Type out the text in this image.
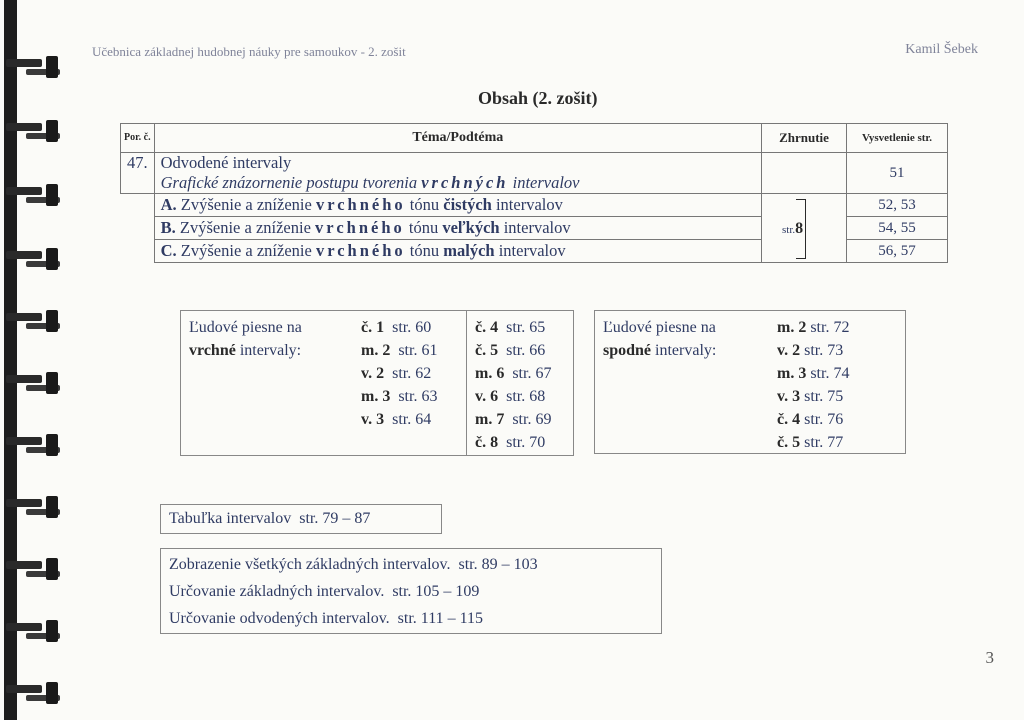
Učebnica základnej hudobnej náuky pre samoukov - 2. zošit	Kamil Šebek
Obsah (2. zošit)
Por. č.	Téma/Podtéma	Zhrnutie	Vysvetlenie str.
47.	Odvodené intervaly
Grafické znázornenie postupu tvorenia vrchných intervalov		51
	A. Zvýšenie a zníženie vrchného tónu čistých intervalov	str.8	52, 53
	B. Zvýšenie a zníženie vrchného tónu veľkých intervalov		54, 55
	C. Zvýšenie a zníženie vrchného tónu malých intervalov		56, 57
Ľudové piesne na
vrchné intervaly:
č. 1 str. 60
m. 2 str. 61
v. 2 str. 62
m. 3 str. 63
v. 3 str. 64
č. 4 str. 65
č. 5 str. 66
m. 6 str. 67
v. 6 str. 68
m. 7 str. 69
č. 8 str. 70
Ľudové piesne na
spodné intervaly:
m. 2 str. 72
v. 2 str. 73
m. 3 str. 74
v. 3 str. 75
č. 4 str. 76
č. 5 str. 77
Tabuľka intervalov  str. 79 – 87
Zobrazenie všetkých základných intervalov.  str. 89 – 103
Určovanie základných intervalov.  str. 105 – 109
Určovanie odvodených intervalov.  str. 111 – 115
3
